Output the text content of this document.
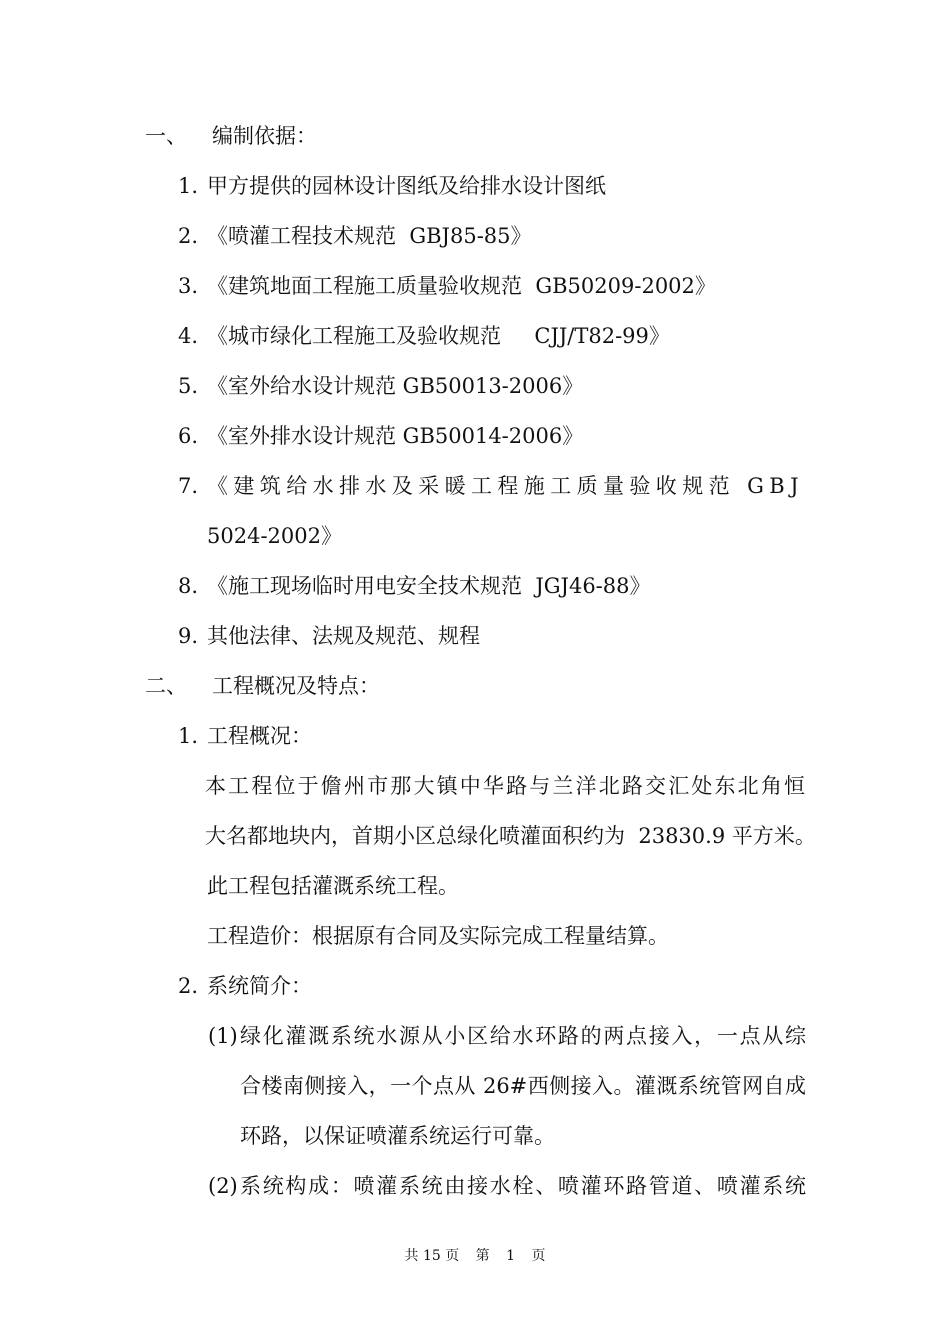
一、 编制依据：
1. 甲方提供的园林设计图纸及给排水设计图纸
2. 《喷灌工程技术规范  GBJ85-85》
3. 《建筑地面工程施工质量验收规范  GB50209-2002》
4. 《城市绿化工程施工及验收规范     CJJ/T82-99》
5. 《室外给水设计规范 GB50013-2006》
6. 《室外排水设计规范 GB50014-2006》
7. 《建筑给水排水及采暖工程施工质量验收规范 GBJ
5024-2002》
8. 《施工现场临时用电安全技术规范  JGJ46-88》
9. 其他法律、法规及规范、规程
二、 工程概况及特点：
1. 工程概况：
本工程位于儋州市那大镇中华路与兰洋北路交汇处东北角恒
大名都地块内，首期小区总绿化喷灌面积约为  23830.9 平方米。
此工程包括灌溉系统工程。
工程造价：根据原有合同及实际完成工程量结算。
2. 系统简介：
(1) 绿化灌溉系统水源从小区给水环路的两点接入，一点从综
合楼南侧接入，一个点从 26#西侧接入。灌溉系统管网自成
环路，以保证喷灌系统运行可靠。
(2) 系统构成：喷灌系统由接水栓、喷灌环路管道、喷灌系统
共 15 页 第 1 页
